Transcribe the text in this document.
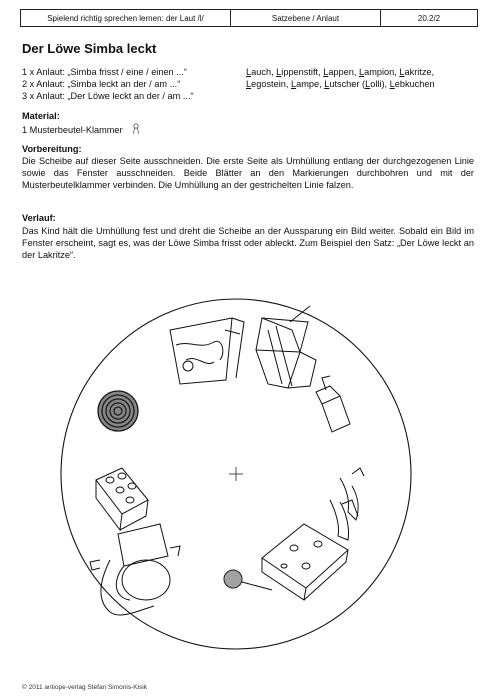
Spielend richtig sprechen lernen: der Laut /l/	Satzebene / Anlaut	20.2/2
Der Löwe Simba leckt
1 x Anlaut: „Simba frisst / eine / einen ...“
2 x Anlaut: „Simba leckt an der / am ...“
3 x Anlaut: „Der Löwe leckt an der / am ...“
Lauch, Lippenstift, Lappen, Lampion, Lakritze,
Legostein, Lampe, Lutscher (Lolli), Lebkuchen
Material:
1 Musterbeutel-Klammer
Vorbereitung:
Die Scheibe auf dieser Seite ausschneiden. Die erste Seite als Umhüllung entlang der durchgezogenen Linie sowie das Fenster ausschneiden. Beide Blätter an den Markierungen durchbohren und mit der Musterbeutelklammer verbinden. Die Umhüllung an der gestrichelten Linie falzen.
Verlauf:
Das Kind hält die Umhüllung fest und dreht die Scheibe an der Aussparung ein Bild weiter. Sobald ein Bild im Fenster erscheint, sagt es, was der Löwe Simba frisst oder ableckt. Zum Beispiel den Satz: „Der Löwe leckt an der Lakritze“.
© 2011 antiope-verlag Stefan Simonis-Kisik
